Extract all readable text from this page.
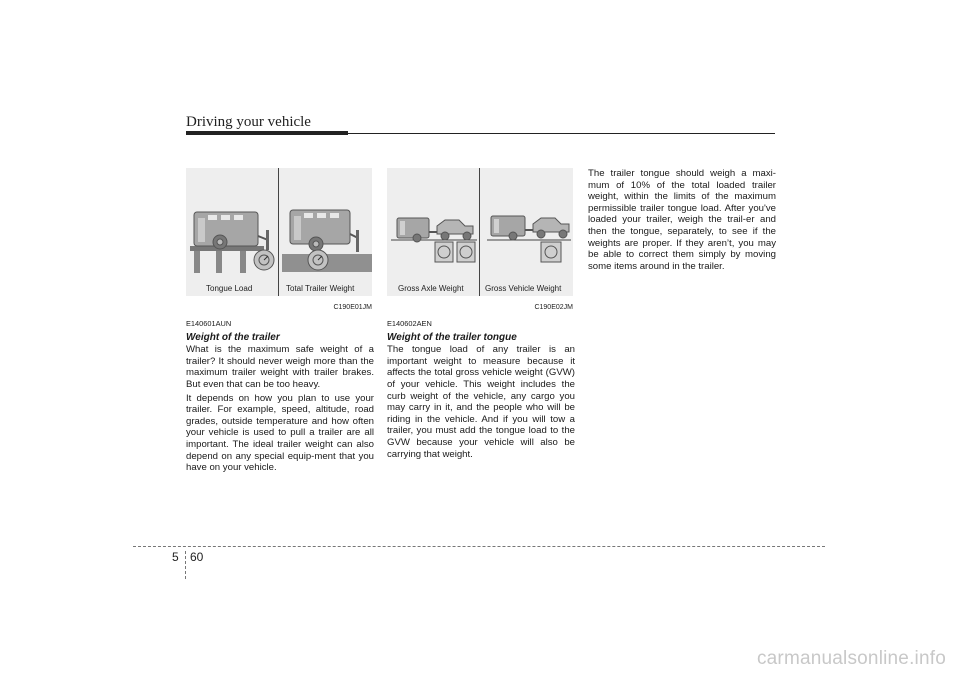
Driving your vehicle
Tongue Load	Total Trailer Weight
C190E01JM
Gross Axle Weight	Gross Vehicle Weight
C190E02JM
E140601AUN
Weight of the trailer

What is the maximum safe weight of a trailer? It should never weigh more than the maximum trailer weight with trailer brakes. But even that can be too heavy.

It depends on how you plan to use your trailer. For example, speed, altitude, road grades, outside temperature and how often your vehicle is used to pull a trailer are all important. The ideal trailer weight can also depend on any special equip-ment that you have on your vehicle.

E140602AEN
Weight of the trailer tongue

The tongue load of any trailer is an important weight to measure because it affects the total gross vehicle weight (GVW) of your vehicle. This weight includes the curb weight of the vehicle, any cargo you may carry in it, and the people who will be riding in the vehicle. And if you will tow a trailer, you must add the tongue load to the GVW because your vehicle will also be carrying that weight.

The trailer tongue should weigh a maxi-mum of 10% of the total loaded trailer weight, within the limits of the maximum permissible trailer tongue load. After you've loaded your trailer, weigh the trail-er and then the tongue, separately, to see if the weights are proper. If they aren’t, you may be able to correct them simply by moving some items around in the trailer.

5 60
carmanualsonline.info
